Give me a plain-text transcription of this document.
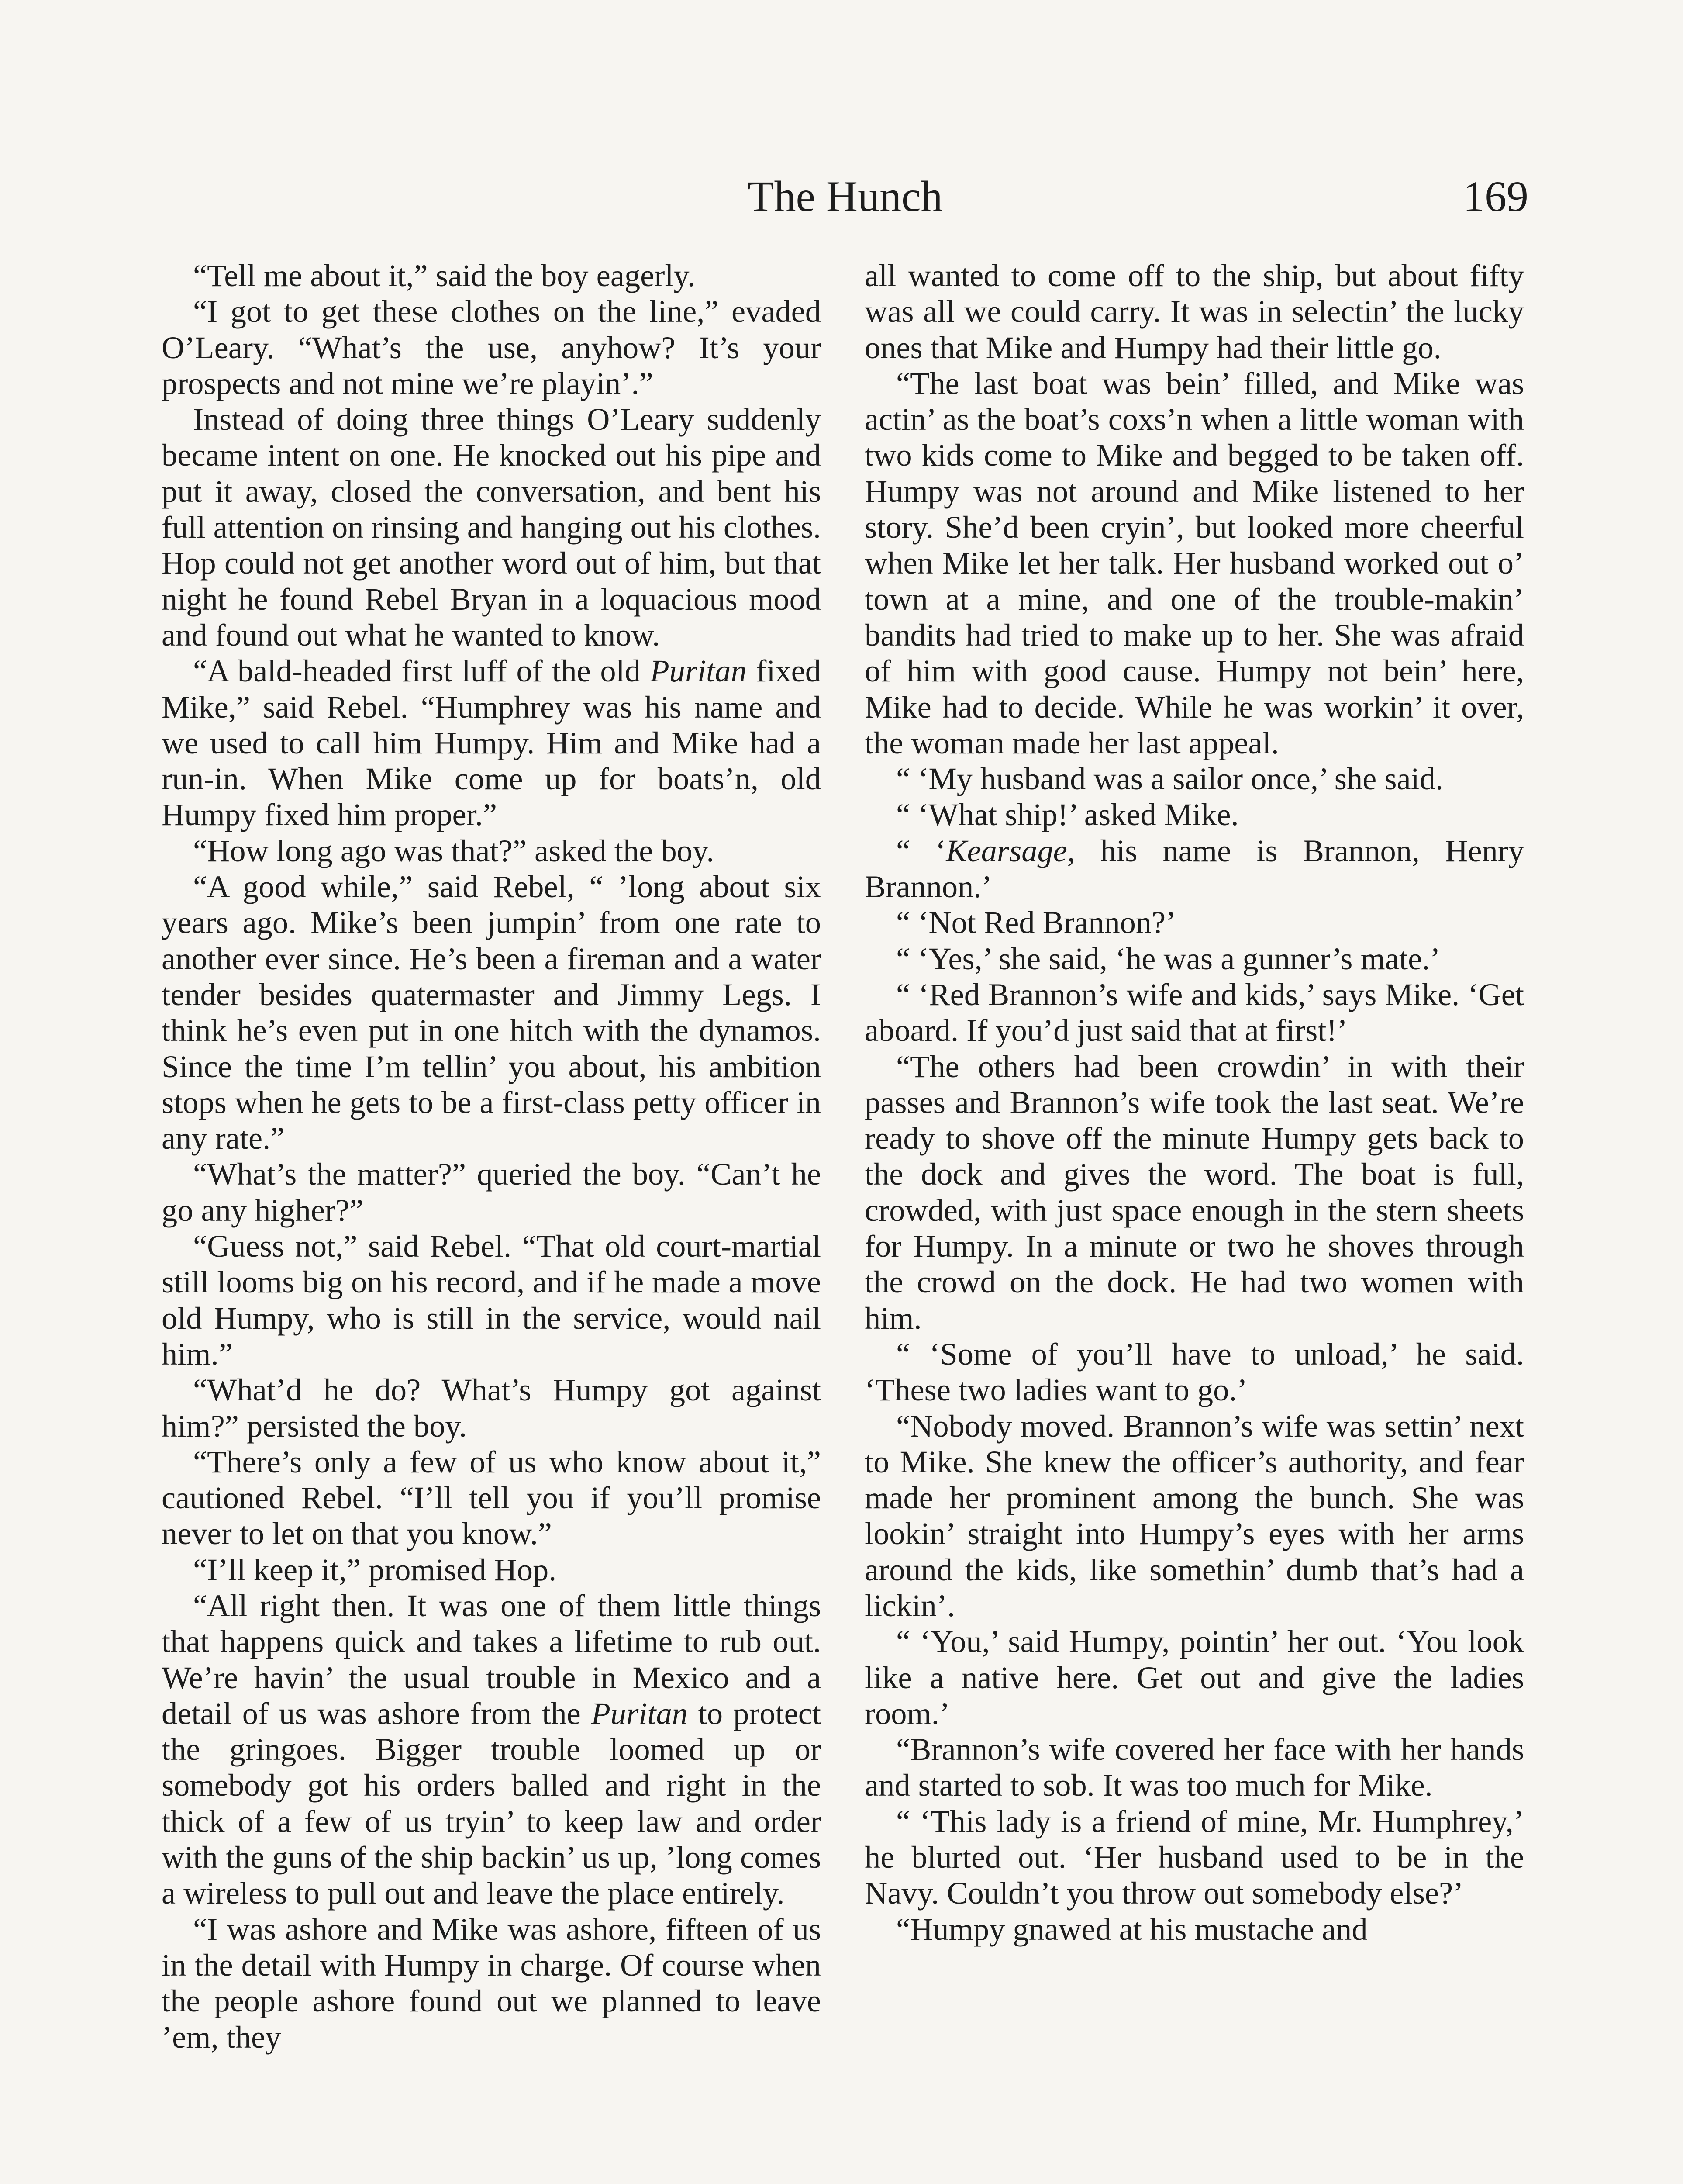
The Hunch	169

“Tell me about it,” said the boy eagerly.

“I got to get these clothes on the line,” evaded O’Leary. “What’s the use, anyhow? It’s your prospects and not mine we’re playin’.”

Instead of doing three things O’Leary suddenly became intent on one. He knocked out his pipe and put it away, closed the conversation, and bent his full attention on rinsing and hanging out his clothes. Hop could not get another word out of him, but that night he found Rebel Bryan in a loquacious mood and found out what he wanted to know.

“A bald-headed first luff of the old Puritan fixed Mike,” said Rebel. “Humphrey was his name and we used to call him Humpy. Him and Mike had a run-in. When Mike come up for boats’n, old Humpy fixed him proper.”

“How long ago was that?” asked the boy.

“A good while,” said Rebel, “ ’long about six years ago. Mike’s been jumpin’ from one rate to another ever since. He’s been a fireman and a water tender besides quatermaster and Jimmy Legs. I think he’s even put in one hitch with the dynamos. Since the time I’m tellin’ you about, his ambition stops when he gets to be a first-class petty officer in any rate.”

“What’s the matter?” queried the boy. “Can’t he go any higher?”

“Guess not,” said Rebel. “That old court-martial still looms big on his record, and if he made a move old Humpy, who is still in the service, would nail him.”

“What’d he do? What’s Humpy got against him?” persisted the boy.

“There’s only a few of us who know about it,” cautioned Rebel. “I’ll tell you if you’ll promise never to let on that you know.”

“I’ll keep it,” promised Hop.

“All right then. It was one of them little things that happens quick and takes a lifetime to rub out. We’re havin’ the usual trouble in Mexico and a detail of us was ashore from the Puritan to protect the gringoes. Bigger trouble loomed up or somebody got his orders balled and right in the thick of a few of us tryin’ to keep law and order with the guns of the ship backin’ us up, ’long comes a wireless to pull out and leave the place entirely.

“I was ashore and Mike was ashore, fifteen of us in the detail with Humpy in charge. Of course when the people ashore found out we planned to leave ’em, they

all wanted to come off to the ship, but about fifty was all we could carry. It was in selectin’ the lucky ones that Mike and Humpy had their little go.

“The last boat was bein’ filled, and Mike was actin’ as the boat’s coxs’n when a little woman with two kids come to Mike and begged to be taken off. Humpy was not around and Mike listened to her story. She’d been cryin’, but looked more cheerful when Mike let her talk. Her husband worked out o’ town at a mine, and one of the trouble-makin’ bandits had tried to make up to her. She was afraid of him with good cause. Humpy not bein’ here, Mike had to decide. While he was workin’ it over, the woman made her last appeal.

“ ‘My husband was a sailor once,’ she said.

“ ‘What ship!’ asked Mike.

“ ‘Kearsage, his name is Brannon, Henry Brannon.’

“ ‘Not Red Brannon?’

“ ‘Yes,’ she said, ‘he was a gunner’s mate.’

“ ‘Red Brannon’s wife and kids,’ says Mike. ‘Get aboard. If you’d just said that at first!’

“The others had been crowdin’ in with their passes and Brannon’s wife took the last seat. We’re ready to shove off the minute Humpy gets back to the dock and gives the word. The boat is full, crowded, with just space enough in the stern sheets for Humpy. In a minute or two he shoves through the crowd on the dock. He had two women with him.

“ ‘Some of you’ll have to unload,’ he said. ‘These two ladies want to go.’

“Nobody moved. Brannon’s wife was settin’ next to Mike. She knew the officer’s authority, and fear made her prominent among the bunch. She was lookin’ straight into Humpy’s eyes with her arms around the kids, like somethin’ dumb that’s had a lickin’.

“ ‘You,’ said Humpy, pointin’ her out. ‘You look like a native here. Get out and give the ladies room.’

“Brannon’s wife covered her face with her hands and started to sob. It was too much for Mike.

“ ‘This lady is a friend of mine, Mr. Humphrey,’ he blurted out. ‘Her husband used to be in the Navy. Couldn’t you throw out somebody else?’

“Humpy gnawed at his mustache and
